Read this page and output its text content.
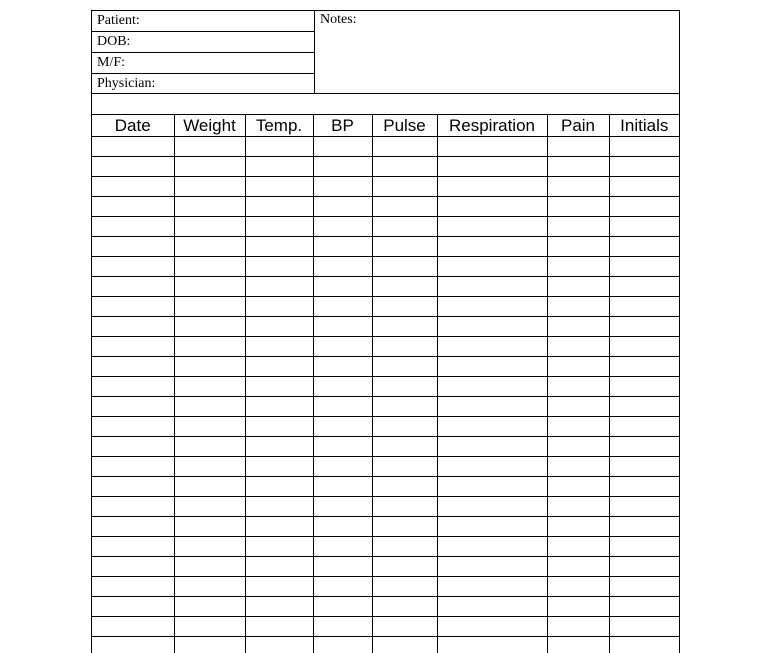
Patient:
DOB:
M/F:
Physician:
Notes:
Date	Weight	Temp.	BP	Pulse	Respiration	Pain	Initials
